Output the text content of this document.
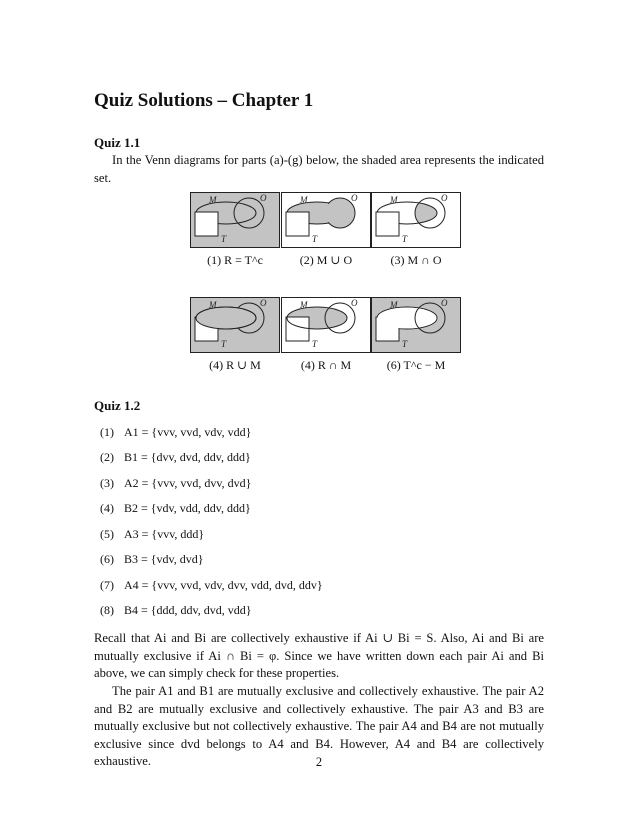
Quiz Solutions – Chapter 1
Quiz 1.1
In the Venn diagrams for parts (a)-(g) below, the shaded area represents the indicated set.
M	O
T
M	O
T
M	O
T
(1) R = T^c	(2) M ∪ O	(3) M ∩ O
M	O
T
M	O
T
M	O
T
(4) R ∪ M	(4) R ∩ M	(6) T^c − M
Quiz 1.2
(1) A1 = {vvv, vvd, vdv, vdd}
(2) B1 = {dvv, dvd, ddv, ddd}
(3) A2 = {vvv, vvd, dvv, dvd}
(4) B2 = {vdv, vdd, ddv, ddd}
(5) A3 = {vvv, ddd}
(6) B3 = {vdv, dvd}
(7) A4 = {vvv, vvd, vdv, dvv, vdd, dvd, ddv}
(8) B4 = {ddd, ddv, dvd, vdd}
Recall that Ai and Bi are collectively exhaustive if Ai ∪ Bi = S. Also, Ai and Bi are mutually exclusive if Ai ∩ Bi = φ. Since we have written down each pair Ai and Bi above, we can simply check for these properties.
The pair A1 and B1 are mutually exclusive and collectively exhaustive. The pair A2 and B2 are mutually exclusive and collectively exhaustive. The pair A3 and B3 are mutually exclusive but not collectively exhaustive. The pair A4 and B4 are not mutually exclusive since dvd belongs to A4 and B4. However, A4 and B4 are collectively exhaustive.	2
